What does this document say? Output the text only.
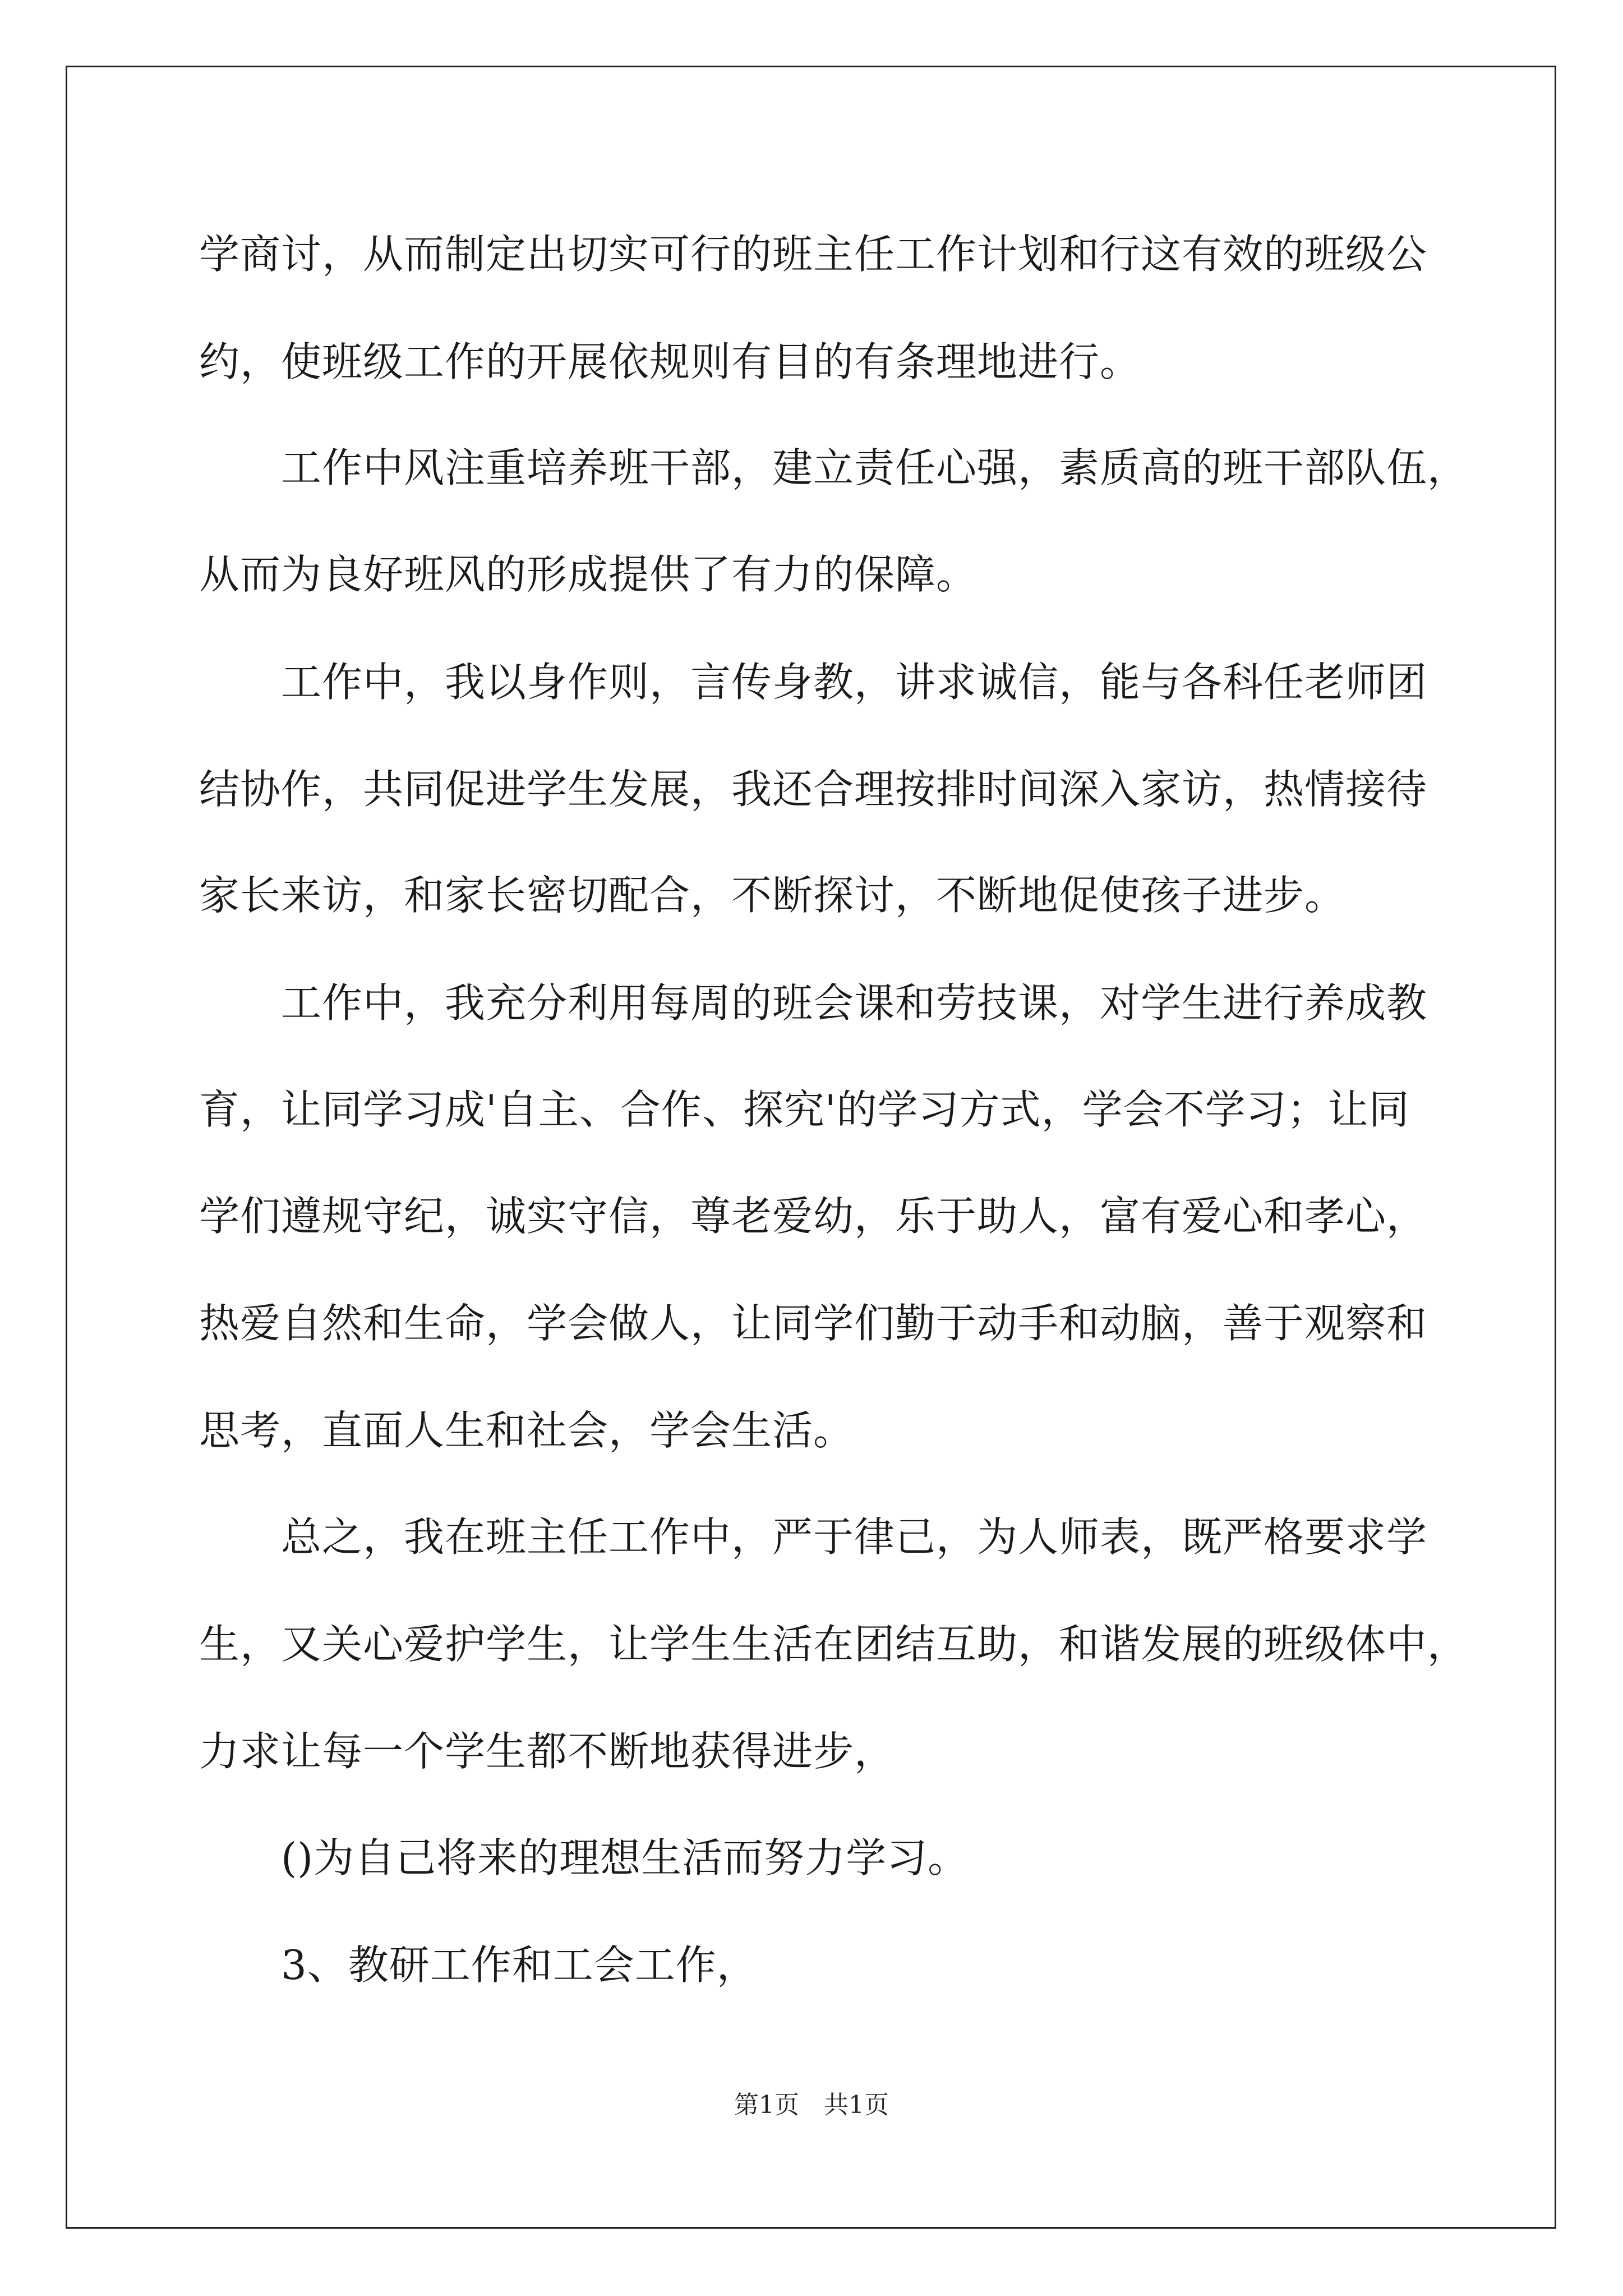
学商讨，从而制定出切实可行的班主任工作计划和行这有效的班级公
约，使班级工作的开展依规则有目的有条理地进行。
工作中风注重培养班干部，建立责任心强，素质高的班干部队伍，
从而为良好班风的形成提供了有力的保障。
工作中，我以身作则，言传身教，讲求诚信，能与各科任老师团
结协作，共同促进学生发展，我还合理按排时间深入家访，热情接待
家长来访，和家长密切配合，不断探讨，不断地促使孩子进步。
工作中，我充分利用每周的班会课和劳技课，对学生进行养成教
育，让同学习成'自主、合作、探究'的学习方式，学会不学习；让同
学们遵规守纪，诚实守信，尊老爱幼，乐于助人，富有爱心和孝心，
热爱自然和生命，学会做人，让同学们勤于动手和动脑，善于观察和
思考，直面人生和社会，学会生活。
总之，我在班主任工作中，严于律己，为人师表，既严格要求学
生，又关心爱护学生，让学生生活在团结互助，和谐发展的班级体中，
力求让每一个学生都不断地获得进步，
()为自己将来的理想生活而努力学习。
3、教研工作和工会工作，
第1页　共1页
